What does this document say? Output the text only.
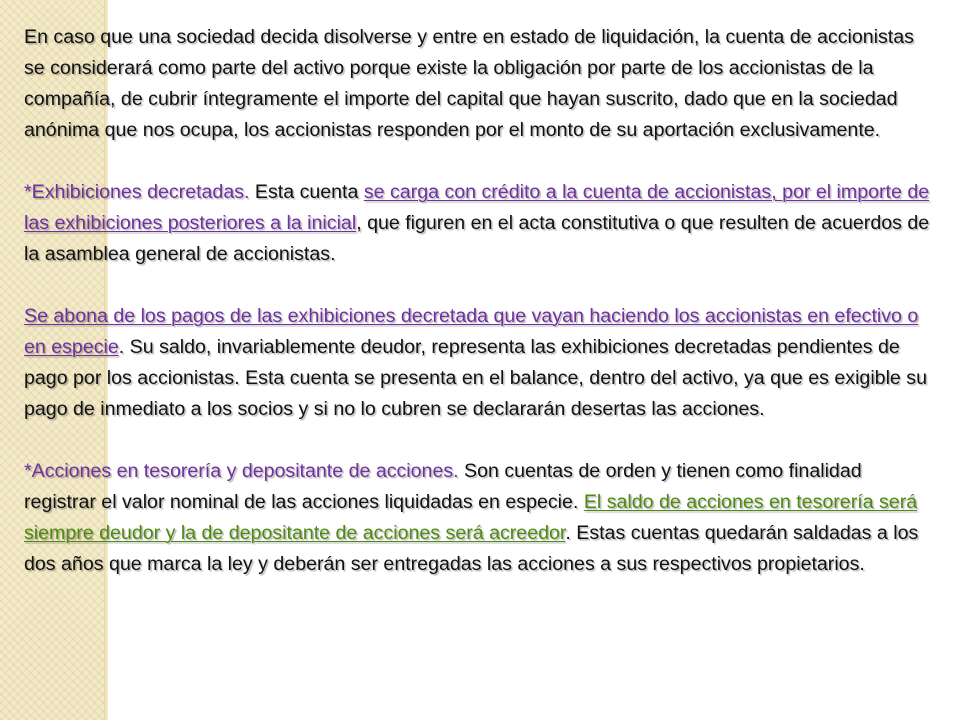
En caso que una sociedad decida disolverse y entre en estado de liquidación, la cuenta de accionistas se considerará como parte del activo porque existe la obligación por parte de los accionistas de la compañía, de cubrir íntegramente el importe del capital que hayan suscrito, dado que en la sociedad anónima que nos ocupa, los accionistas responden por el monto de su aportación exclusivamente.

*Exhibiciones decretadas. Esta cuenta se carga con crédito a la cuenta de accionistas, por el importe de las exhibiciones posteriores a la inicial, que figuren en el acta constitutiva o que resulten de acuerdos de la asamblea general de accionistas.

Se abona de los pagos de las exhibiciones decretada que vayan haciendo los accionistas en efectivo o en especie. Su saldo, invariablemente deudor, representa las exhibiciones decretadas pendientes de pago por los accionistas. Esta cuenta se presenta en el balance, dentro del activo, ya que es exigible su pago de inmediato a los socios y si no lo cubren se declararán desertas las acciones.

*Acciones en tesorería y depositante de acciones. Son cuentas de orden y tienen como finalidad registrar el valor nominal de las acciones liquidadas en especie. El saldo de acciones en tesorería será siempre deudor y la de depositante de acciones será acreedor. Estas cuentas quedarán saldadas a los dos años que marca la ley y deberán ser entregadas las acciones a sus respectivos propietarios.
